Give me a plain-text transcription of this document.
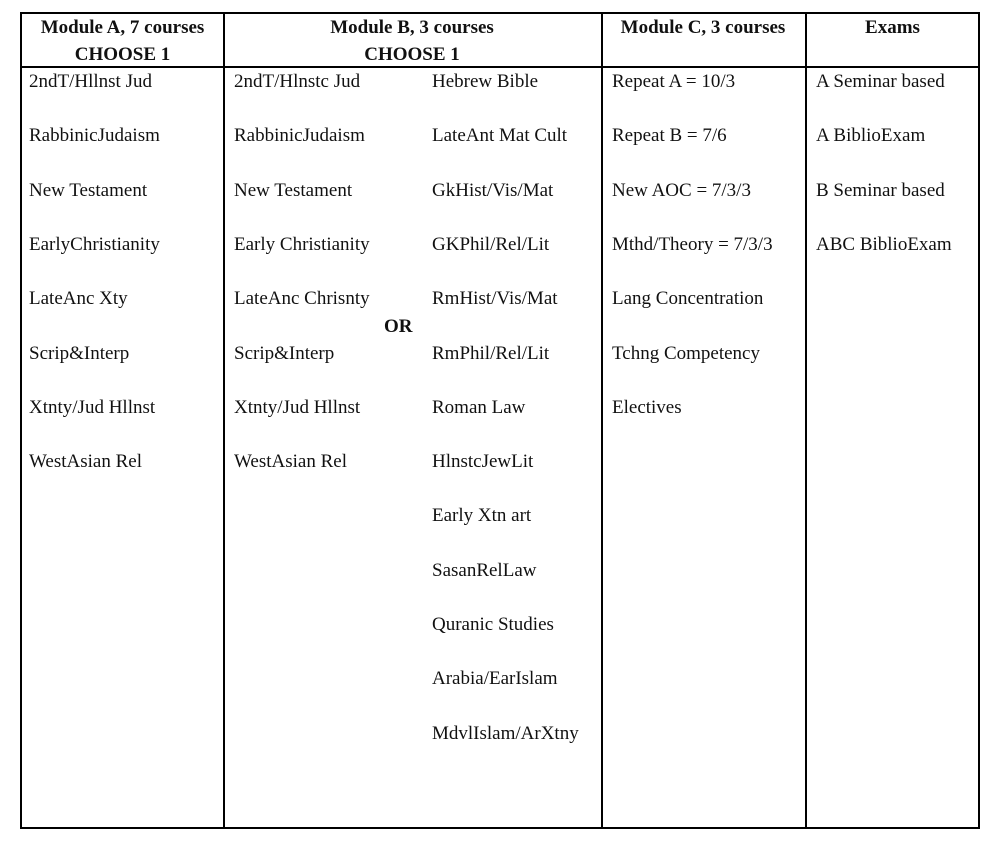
Module A, 7 courses
CHOOSE 1
Module B, 3 courses
CHOOSE 1
Module C, 3 courses	Exams
2ndT/Hllnst Jud
RabbinicJudaism
New Testament
EarlyChristianity
LateAnc Xty
Scrip&Interp
Xtnty/Jud Hllnst
WestAsian Rel
2ndT/Hlnstc Jud
RabbinicJudaism
New Testament
Early Christianity
LateAnc Chrisnty
Scrip&Interp
Xtnty/Jud Hllnst
WestAsian Rel
Hebrew Bible
LateAnt Mat Cult
GkHist/Vis/Mat
GKPhil/Rel/Lit
RmHist/Vis/Mat
RmPhil/Rel/Lit
Roman Law
HlnstcJewLit
Early Xtn art
SasanRelLaw
Quranic Studies
Arabia/EarIslam
MdvlIslam/ArXtny
Repeat A = 10/3
Repeat B = 7/6
New AOC = 7/3/3
Mthd/Theory = 7/3/3
Lang Concentration
Tchng Competency
Electives
A Seminar based
A BiblioExam
B Seminar based
ABC BiblioExam
OR
